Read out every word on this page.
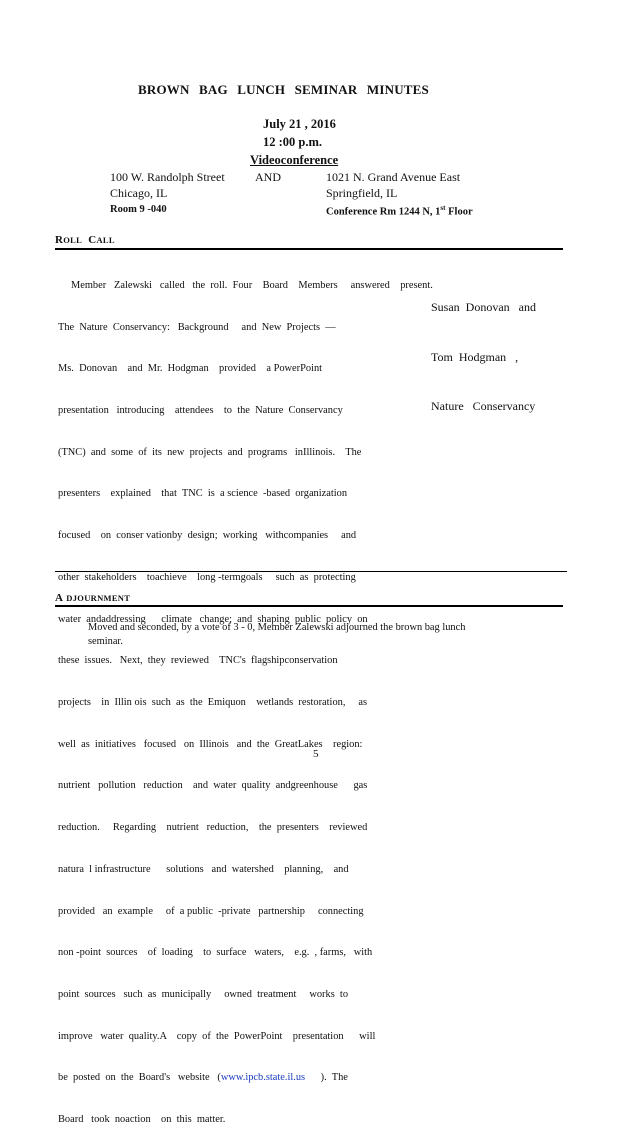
BROWN BAG LUNCH SEMINAR MINUTES
July 21 , 2016
12 :00 p.m.
Videoconference
100 W. Randolph Street	AND
Chicago, IL
Room 9 -040
1021 N. Grand Avenue East
Springfield, IL
Conference Rm 1244 N, 1st Floor
ROLL  CALL

Member   Zalewski   called   the  roll.  Four    Board    Members     answered    present.

The  Nature  Conservancy:   Background     and  New  Projects  —

Ms.  Donovan    and  Mr.  Hodgman    provided    a PowerPoint

presentation   introducing    attendees    to  the  Nature  Conservancy

(TNC)  and  some  of  its  new  projects  and  programs   inIllinois.    The

presenters    explained    that  TNC  is  a science  -based  organization

focused    on  conser vationby  design;  working   withcompanies     and

other  stakeholders    toachieve    long -termgoals     such  as  protecting

water  andaddressing      climate   change;  and  shaping  public  policy  on

these  issues.   Next,  they  reviewed    TNC's  flagshipconservation

projects    in  Illin ois  such  as  the  Emiquon    wetlands  restoration,     as

well  as  initiatives   focused   on  Illinois   and  the  GreatLakes    region:

nutrient   pollution   reduction    and  water  quality  andgreenhouse      gas

reduction.     Regarding    nutrient   reduction,    the  presenters    reviewed

natura  l infrastructure      solutions   and  watershed    planning,    and

provided   an  example     of  a public  -private   partnership     connecting

non -point  sources    of  loading    to  surface   waters,    e.g.  , farms,   with

point  sources   such  as  municipally     owned  treatment     works  to

improve   water  quality.A    copy  of  the  PowerPoint    presentation      will

be  posted  on  the  Board's   website   (www.ipcb.state.il.us      ).  The

Board   took  noaction    on  this  matter.

Susan  Donovan   and

Tom  Hodgman   ,

Nature   Conservancy

A DJOURNMENT
Moved and seconded, by a vote of 3 - 0, Member Zalewski adjourned the brown bag lunch
seminar.
5
